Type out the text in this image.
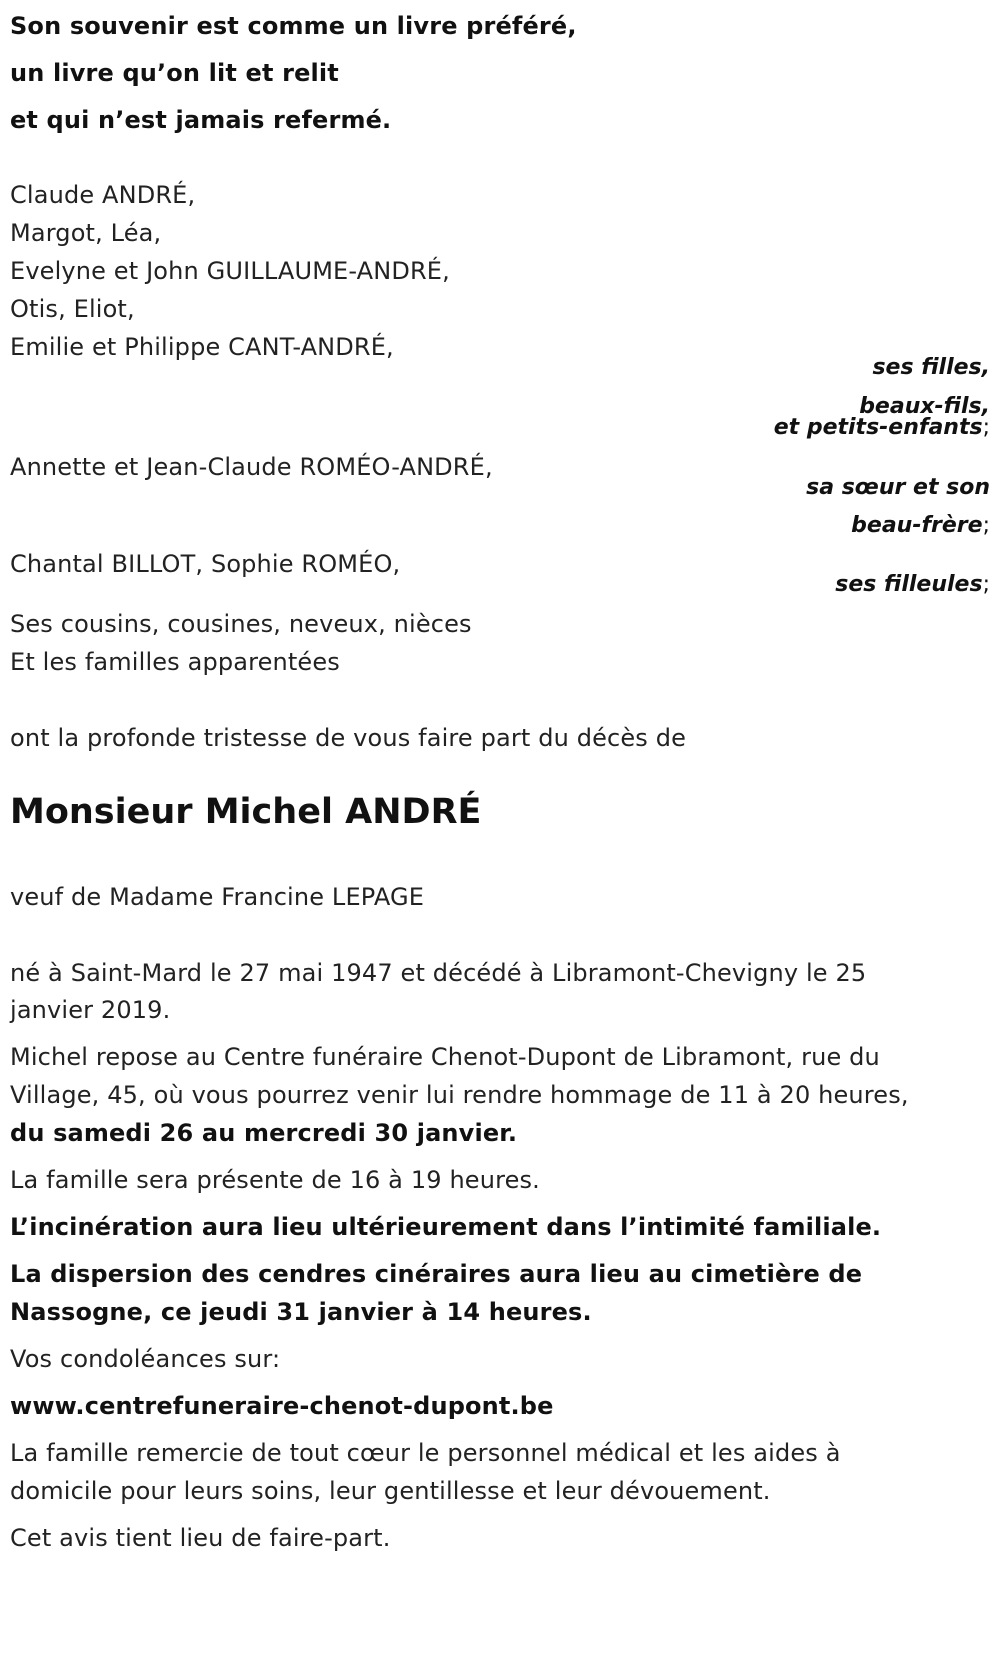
Son souvenir est comme un livre préféré,
un livre qu’on lit et relit
et qui n’est jamais refermé.
Claude ANDRÉ,
Margot, Léa,
Evelyne et John GUILLAUME-ANDRÉ,
Otis, Eliot,
Emilie et Philippe CANT-ANDRÉ,
ses filles,
beaux-fils,
et petits-enfants;
Annette et Jean-Claude ROMÉO-ANDRÉ,
sa sœur et son
beau-frère;
Chantal BILLOT, Sophie ROMÉO,
ses filleules;
Ses cousins, cousines, neveux, nièces
Et les familles apparentées
ont la profonde tristesse de vous faire part du décès de
Monsieur Michel ANDRÉ
veuf de Madame Francine LEPAGE
né à Saint-Mard le 27 mai 1947 et décédé à Libramont-Chevigny le 25
janvier 2019.
Michel repose au Centre funéraire Chenot-Dupont de Libramont, rue du
Village, 45, où vous pourrez venir lui rendre hommage de 11 à 20 heures,
du samedi 26 au mercredi 30 janvier.
La famille sera présente de 16 à 19 heures.
L’incinération aura lieu ultérieurement dans l’intimité familiale.
La dispersion des cendres cinéraires aura lieu au cimetière de
Nassogne, ce jeudi 31 janvier à 14 heures.
Vos condoléances sur:
www.centrefuneraire-chenot-dupont.be
La famille remercie de tout cœur le personnel médical et les aides à
domicile pour leurs soins, leur gentillesse et leur dévouement.
Cet avis tient lieu de faire-part.
